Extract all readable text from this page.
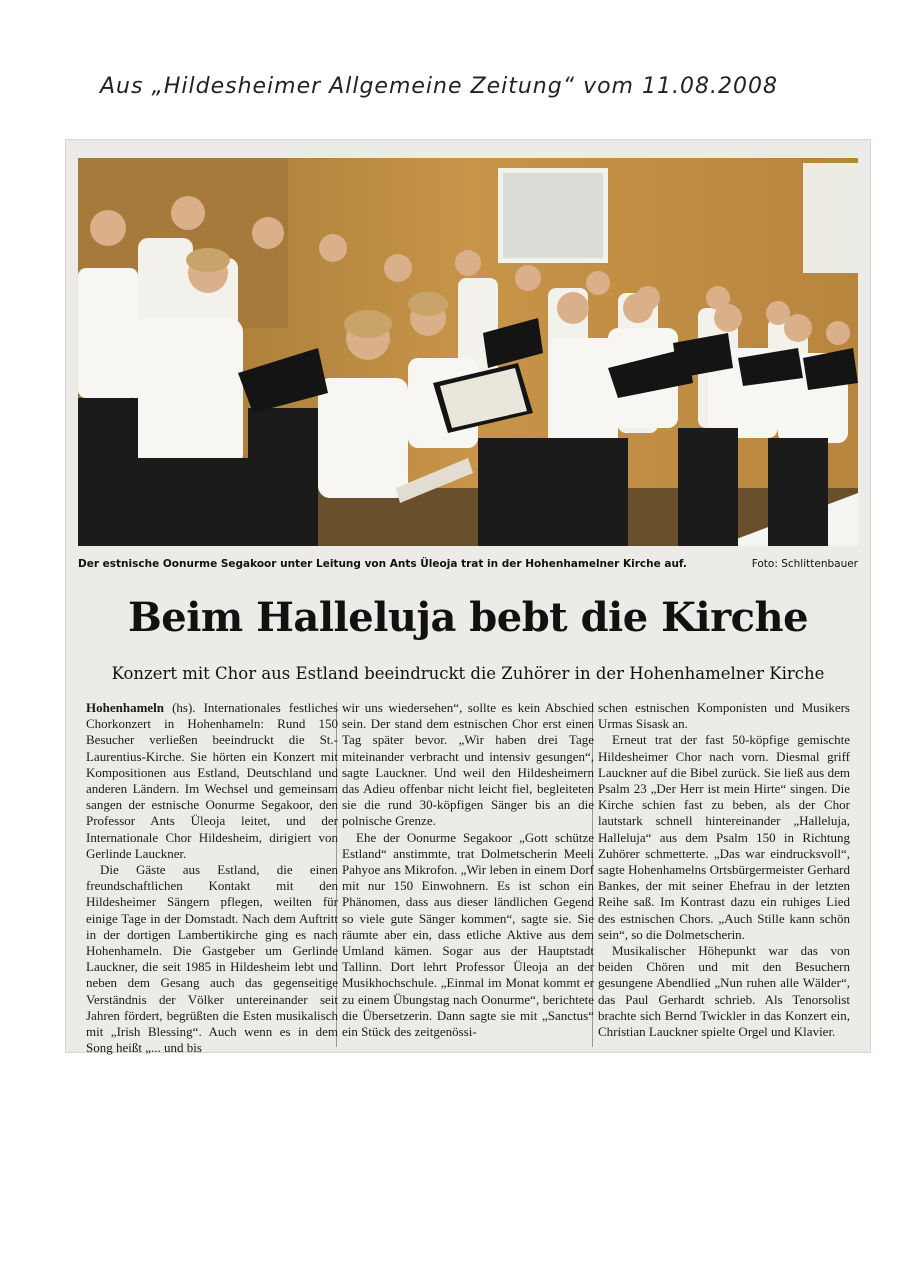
Aus „Hildesheimer Allgemeine Zeitung“ vom 11.08.2008
Der estnische Oonurme Segakoor unter Leitung von Ants Üleoja trat in der Hohenhamelner Kirche auf.	Foto: Schlittenbauer
Beim Halleluja bebt die Kirche
Konzert mit Chor aus Estland beeindruckt die Zuhörer in der Hohenhamelner Kirche

Hohenhameln (hs). Internationales festliches Chorkonzert in Hohenhameln: Rund 150 Besucher verließen beeindruckt die St.-Laurentius-Kirche. Sie hörten ein Konzert mit Kompositionen aus Estland, Deutschland und anderen Ländern. Im Wechsel und gemeinsam sangen der estnische Oonurme Segakoor, den Professor Ants Üleoja leitet, und der Internationale Chor Hildesheim, dirigiert von Gerlinde Lauckner.

Die Gäste aus Estland, die einen freundschaftlichen Kontakt mit den Hildesheimer Sängern pflegen, weilten für einige Tage in der Domstadt. Nach dem Auftritt in der dortigen Lambertikirche ging es nach Hohenhameln. Die Gastgeber um Gerlinde Lauckner, die seit 1985 in Hildesheim lebt und neben dem Gesang auch das gegenseitige Verständnis der Völker untereinander seit Jahren fördert, begrüßten die Esten musikalisch mit „Irish Blessing“. Auch wenn es in dem Song heißt „... und bis

wir uns wiedersehen“, sollte es kein Abschied sein. Der stand dem estnischen Chor erst einen Tag später bevor. „Wir haben drei Tage miteinander verbracht und intensiv gesungen“, sagte Lauckner. Und weil den Hildesheimern das Adieu offenbar nicht leicht fiel, begleiteten sie die rund 30-köpfigen Sänger bis an die polnische Grenze.

Ehe der Oonurme Segakoor „Gott schütze Estland“ anstimmte, trat Dolmetscherin Meeli Pahyoe ans Mikrofon. „Wir leben in einem Dorf mit nur 150 Einwohnern. Es ist schon ein Phänomen, dass aus dieser ländlichen Gegend so viele gute Sänger kommen“, sagte sie. Sie räumte aber ein, dass etliche Aktive aus dem Umland kämen. Sogar aus der Hauptstadt Tallinn. Dort lehrt Professor Üleoja an der Musikhochschule. „Einmal im Monat kommt er zu einem Übungstag nach Oonurme“, berichtete die Übersetzerin. Dann sagte sie mit „Sanctus“ ein Stück des zeitgenössi-

schen estnischen Komponisten und Musikers Urmas Sisask an.

Erneut trat der fast 50-köpfige gemischte Hildesheimer Chor nach vorn. Diesmal griff Lauckner auf die Bibel zurück. Sie ließ aus dem Psalm 23 „Der Herr ist mein Hirte“ singen. Die Kirche schien fast zu beben, als der Chor lautstark schnell hintereinander „Halleluja, Halleluja“ aus dem Psalm 150 in Richtung Zuhörer schmetterte. „Das war eindrucksvoll“, sagte Hohenhamelns Ortsbürgermeister Gerhard Bankes, der mit seiner Ehefrau in der letzten Reihe saß. Im Kontrast dazu ein ruhiges Lied des estnischen Chors. „Auch Stille kann schön sein“, so die Dolmetscherin.

Musikalischer Höhepunkt war das von beiden Chören und mit den Besuchern gesungene Abendlied „Nun ruhen alle Wälder“, das Paul Gerhardt schrieb. Als Tenorsolist brachte sich Bernd Twickler in das Konzert ein, Christian Lauckner spielte Orgel und Klavier.
